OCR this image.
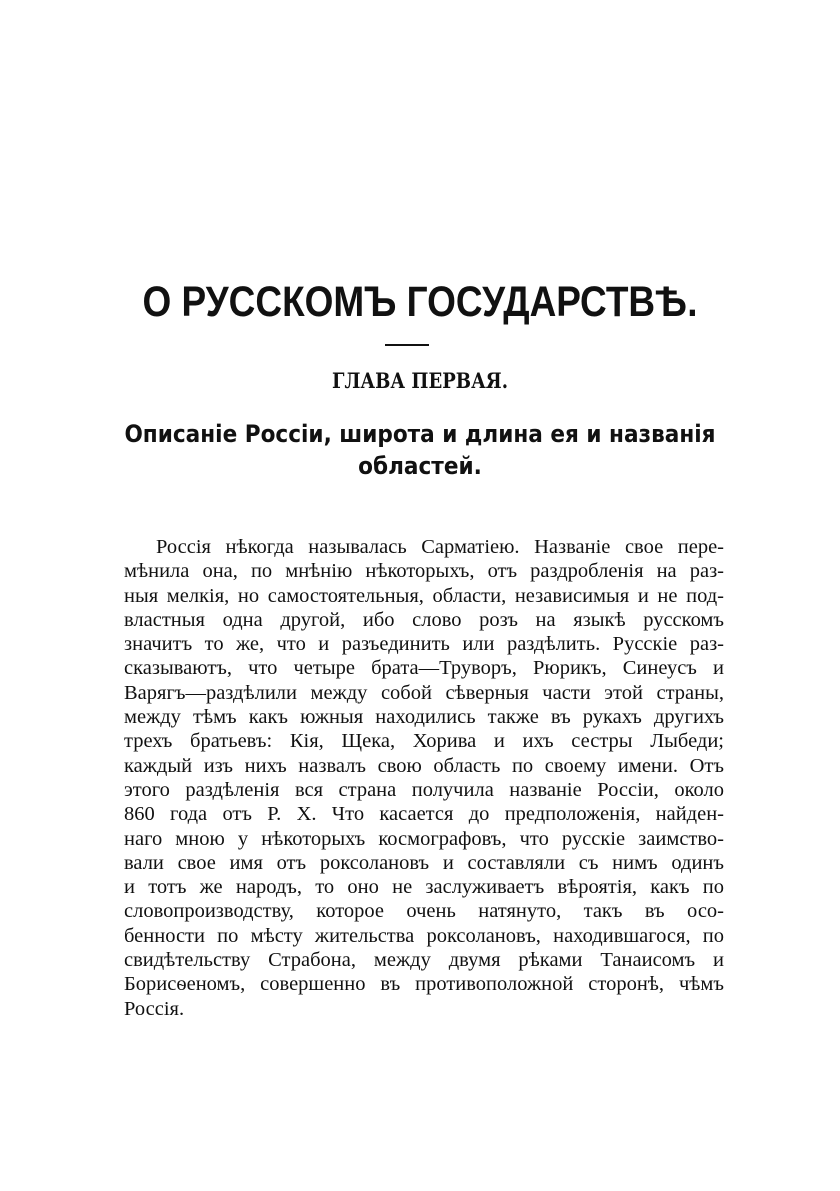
О РУССКОМЪ ГОСУДАРСТВѢ.
ГЛАВА ПЕРВАЯ.
Описаніе Россіи, широта и длина ея и названія областей.

Россія нѣкогда называлась Сарматіею. Названіе свое пере-
мѣнила она, по мнѣнію нѣкоторыхъ, отъ раздробленія на раз-
ныя мелкія, но самостоятельныя, области, независимыя и не под-
властныя одна другой, ибо слово розъ на языкѣ русскомъ
значитъ то же, что и разъединить или раздѣлить. Русскіе раз-
сказываютъ, что четыре брата—Труворъ, Рюрикъ, Синеусъ и
Варягъ—раздѣлили между собой сѣверныя части этой страны,
между тѣмъ какъ южныя находились также въ рукахъ другихъ
трехъ братьевъ: Кія, Щека, Хорива и ихъ сестры Лыбеди;
каждый изъ нихъ назвалъ свою область по своему имени. Отъ
этого раздѣленія вся страна получила названіе Россіи, около
860 года отъ Р. Х. Что касается до предположенія, найден-
наго мною у нѣкоторыхъ космографовъ, что русскіе заимство-
вали свое имя отъ роксолановъ и составляли съ нимъ одинъ
и тотъ же народъ, то оно не заслуживаетъ вѣроятія, какъ по
словопроизводству, которое очень натянуто, такъ въ осо-
бенности по мѣсту жительства роксолановъ, находившагося, по
свидѣтельству Страбона, между двумя рѣками Танаисомъ и
Борисѳеномъ, совершенно въ противоположной сторонѣ, чѣмъ
Россія.
